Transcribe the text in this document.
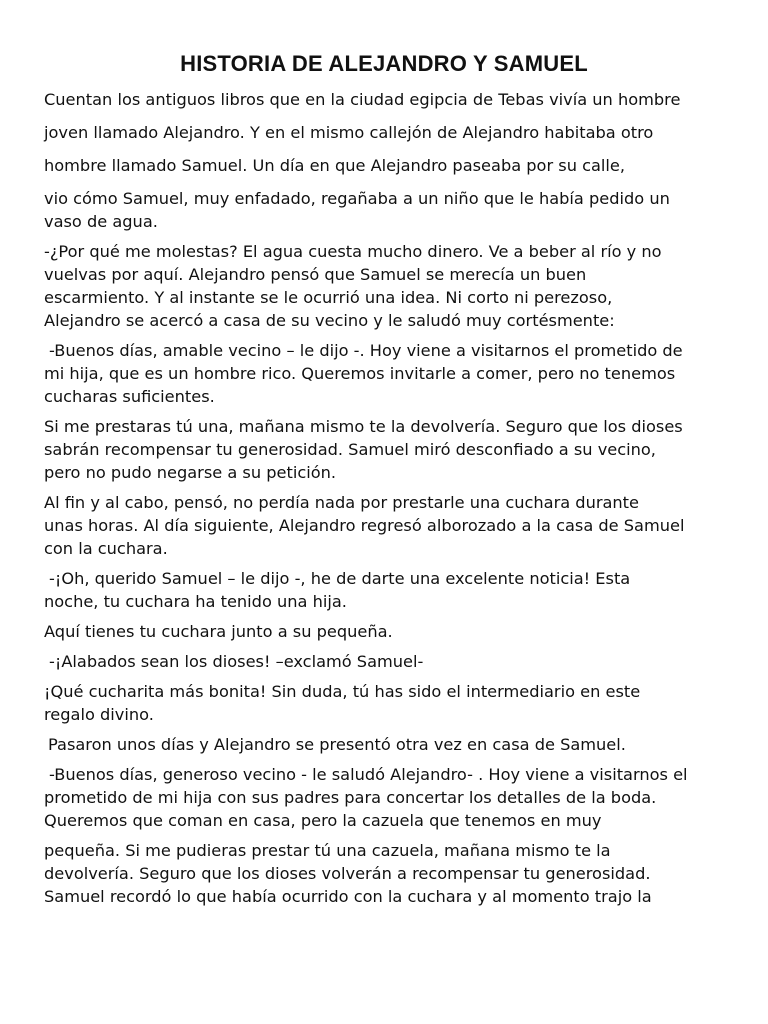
HISTORIA DE ALEJANDRO Y SAMUEL

Cuentan los antiguos libros que en la ciudad egipcia de Tebas vivía un hombre

joven llamado Alejandro. Y en el mismo callejón de Alejandro habitaba otro

hombre llamado Samuel. Un día en que Alejandro paseaba por su calle,

vio cómo Samuel, muy enfadado, regañaba a un niño que le había pedido un
vaso de agua.

-¿Por qué me molestas? El agua cuesta mucho dinero. Ve a beber al río y no
vuelvas por aquí. Alejandro pensó que Samuel se merecía un buen
escarmiento. Y al instante se le ocurrió una idea. Ni corto ni perezoso,
Alejandro se acercó a casa de su vecino y le saludó muy cortésmente:

-Buenos días, amable vecino – le dijo -. Hoy viene a visitarnos el prometido de

mi hija, que es un hombre rico. Queremos invitarle a comer, pero no tenemos
cucharas suficientes.

Si me prestaras tú una, mañana mismo te la devolvería. Seguro que los dioses
sabrán recompensar tu generosidad. Samuel miró desconfiado a su vecino,
pero no pudo negarse a su petición.

Al fin y al cabo, pensó, no perdía nada por prestarle una cuchara durante
unas horas. Al día siguiente, Alejandro regresó alborozado a la casa de Samuel
con la cuchara.

-¡Oh, querido Samuel – le dijo -, he de darte una excelente noticia! Esta

noche, tu cuchara ha tenido una hija.

Aquí tienes tu cuchara junto a su pequeña.

-¡Alabados sean los dioses! –exclamó Samuel-

¡Qué cucharita más bonita! Sin duda, tú has sido el intermediario en este
regalo divino.

Pasaron unos días y Alejandro se presentó otra vez en casa de Samuel.

-Buenos días, generoso vecino - le saludó Alejandro- . Hoy viene a visitarnos el

prometido de mi hija con sus padres para concertar los detalles de la boda.
Queremos que coman en casa, pero la cazuela que tenemos en muy

pequeña. Si me pudieras prestar tú una cazuela, mañana mismo te la
devolvería. Seguro que los dioses volverán a recompensar tu generosidad.
Samuel recordó lo que había ocurrido con la cuchara y al momento trajo la
